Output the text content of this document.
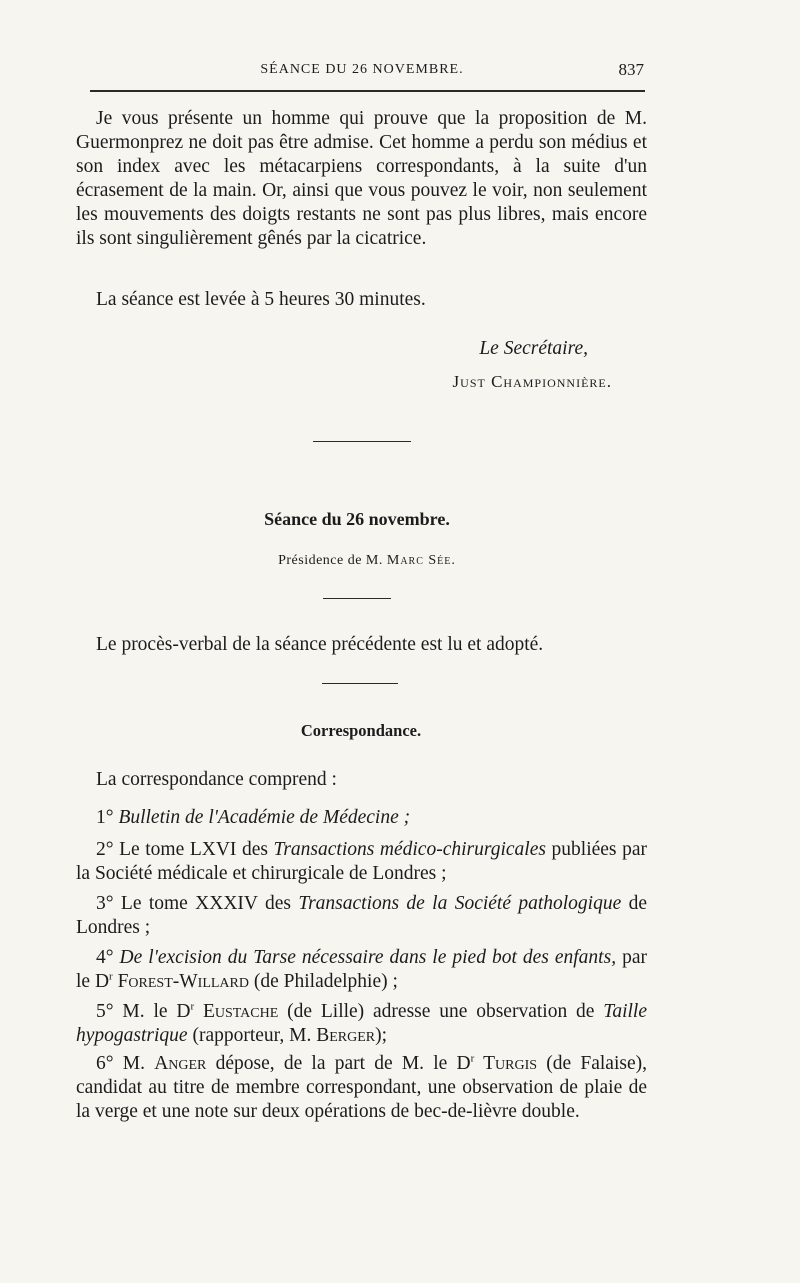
SÉANCE DU 26 NOVEMBRE.	837

Je vous présente un homme qui prouve que la proposition de M. Guermonprez ne doit pas être admise. Cet homme a perdu son médius et son index avec les métacarpiens correspondants, à la suite d'un écrasement de la main. Or, ainsi que vous pouvez le voir, non seulement les mouvements des doigts restants ne sont pas plus libres, mais encore ils sont singulièrement gênés par la cicatrice.

La séance est levée à 5 heures 30 minutes.

Le Secrétaire,
Just Championnière.
Séance du 26 novembre.
Présidence de M. Marc Sée.

Le procès-verbal de la séance précédente est lu et adopté.

Correspondance.

La correspondance comprend :

1° Bulletin de l'Académie de Médecine ;

2° Le tome LXVI des Transactions médico-chirurgicales publiées par la Société médicale et chirurgicale de Londres ;

3° Le tome XXXIV des Transactions de la Société pathologique de Londres ;

4° De l'excision du Tarse nécessaire dans le pied bot des enfants, par le $D^r$ Forest-Willard (de Philadelphie) ;

5° M. le $D^r$ Eustache (de Lille) adresse une observation de Taille hypogastrique (rapporteur, M. Berger);

6° M. Anger dépose, de la part de M. le $D^r$ Turgis (de Falaise), candidat au titre de membre correspondant, une observation de plaie de la verge et une note sur deux opérations de bec-de-lièvre double.
